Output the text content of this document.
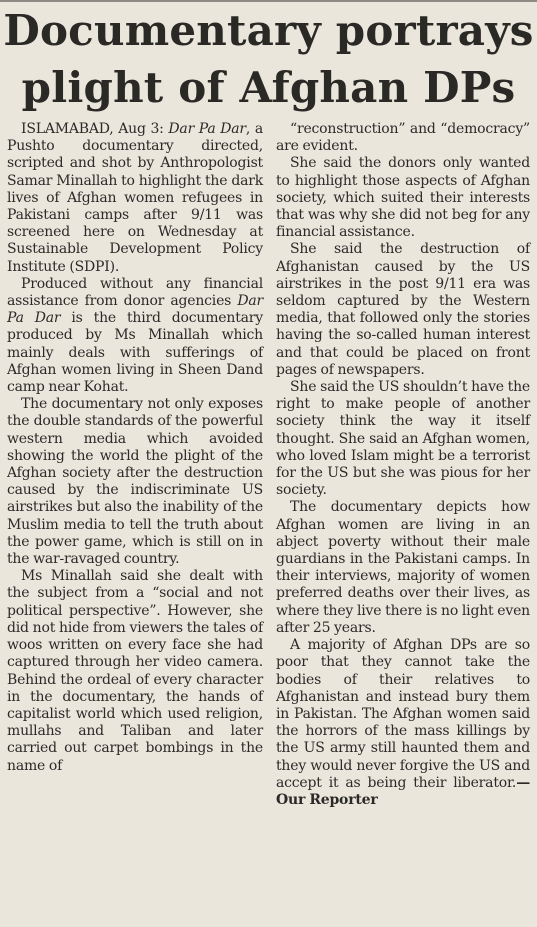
Documentary portrays
plight of Afghan DPs

ISLAMABAD, Aug 3: Dar Pa Dar, a Pushto documentary directed, scripted and shot by Anthropologist Samar Minallah to highlight the dark lives of Afghan women refugees in Pakistani camps after 9/11 was screened here on Wednesday at Sustainable Development Policy Institute (SDPI).

Produced without any financial assistance from donor agencies Dar Pa Dar is the third documentary produced by Ms Minallah which mainly deals with sufferings of Afghan women living in Sheen Dand camp near Kohat.

The documentary not only exposes the double standards of the powerful western media which avoided showing the world the plight of the Afghan society after the destruction caused by the indiscriminate US airstrikes but also the inability of the Muslim media to tell the truth about the power game, which is still on in the war-ravaged country.

Ms Minallah said she dealt with the subject from a “social and not political perspective”. However, she did not hide from viewers the tales of woos written on every face she had captured through her video camera. Behind the ordeal of every character in the documentary, the hands of capitalist world which used religion, mullahs and Taliban and later carried out carpet bombings in the name of

“reconstruction” and “democracy” are evident.

She said the donors only wanted to highlight those aspects of Afghan society, which suited their interests that was why she did not beg for any financial assistance.

She said the destruction of Afghanistan caused by the US airstrikes in the post 9/11 era was seldom captured by the Western media, that followed only the stories having the so-called human interest and that could be placed on front pages of newspapers.

She said the US shouldn’t have the right to make people of another society think the way it itself thought. She said an Afghan women, who loved Islam might be a terrorist for the US but she was pious for her society.

The documentary depicts how Afghan women are living in an abject poverty without their male guardians in the Pakistani camps. In their interviews, majority of women preferred deaths over their lives, as where they live there is no light even after 25 years.

A majority of Afghan DPs are so poor that they cannot take the bodies of their relatives to Afghanistan and instead bury them in Pakistan. The Afghan women said the horrors of the mass killings by the US army still haunted them and they would never forgive the US and accept it as being their liberator.— Our Reporter
